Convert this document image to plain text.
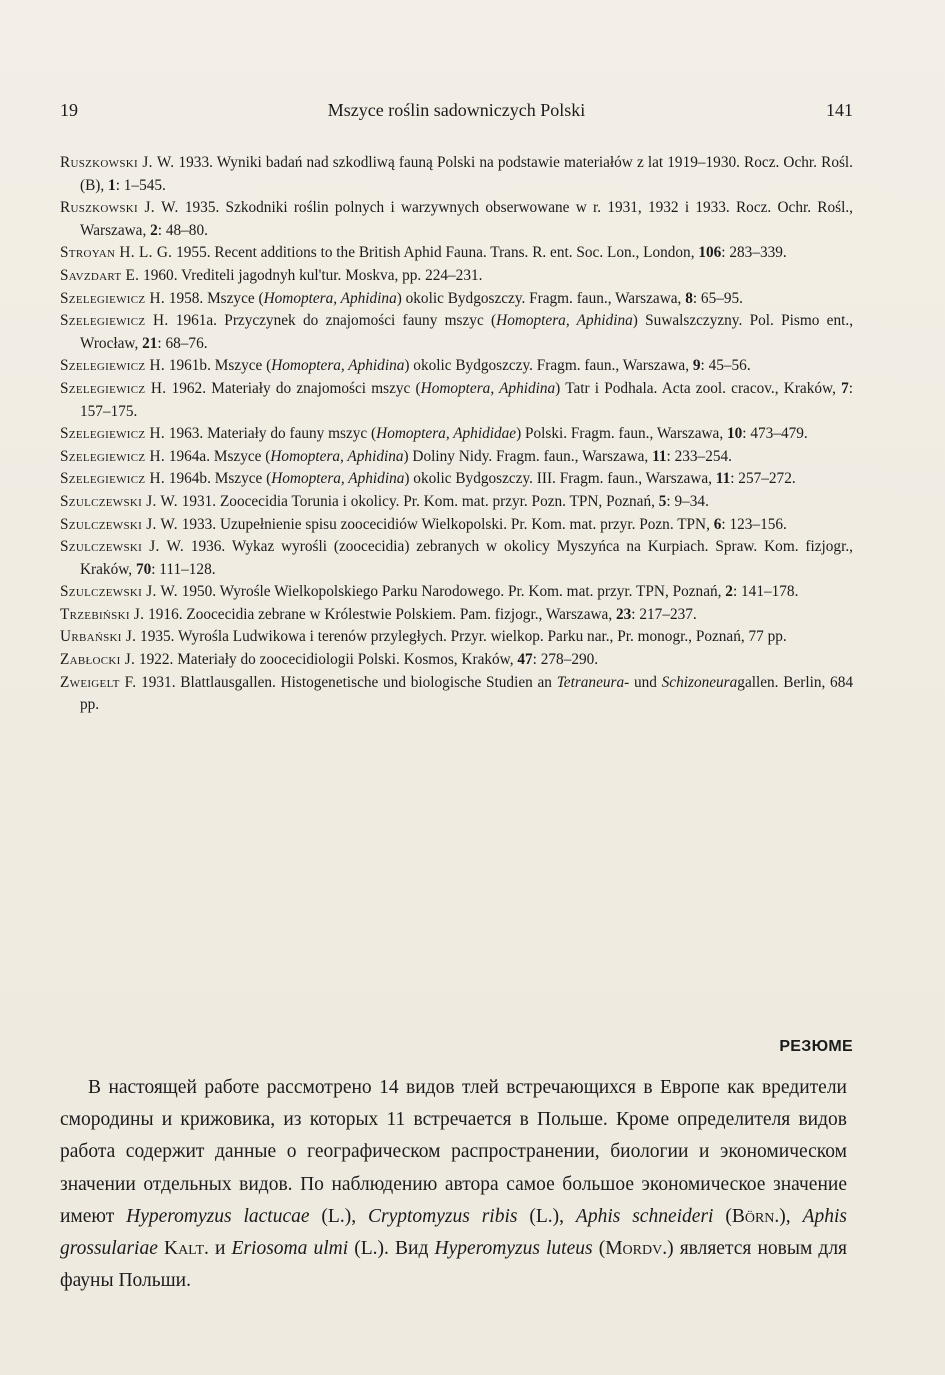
19	Mszyce roślin sadowniczych Polski	141

Ruszkowski J. W. 1933. Wyniki badań nad szkodliwą fauną Polski na podstawie materiałów z lat 1919–1930. Rocz. Ochr. Rośl. (B), 1: 1–545.

Ruszkowski J. W. 1935. Szkodniki roślin polnych i warzywnych obserwowane w r. 1931, 1932 i 1933. Rocz. Ochr. Rośl., Warszawa, 2: 48–80.

Stroyan H. L. G. 1955. Recent additions to the British Aphid Fauna. Trans. R. ent. Soc. Lon., London, 106: 283–339.

Savzdart E. 1960. Vrediteli jagodnyh kul'tur. Moskva, pp. 224–231.

Szelegiewicz H. 1958. Mszyce (Homoptera, Aphidina) okolic Bydgoszczy. Fragm. faun., Warszawa, 8: 65–95.

Szelegiewicz H. 1961a. Przyczynek do znajomości fauny mszyc (Homoptera, Aphidina) Suwalszczyzny. Pol. Pismo ent., Wrocław, 21: 68–76.

Szelegiewicz H. 1961b. Mszyce (Homoptera, Aphidina) okolic Bydgoszczy. Fragm. faun., Warszawa, 9: 45–56.

Szelegiewicz H. 1962. Materiały do znajomości mszyc (Homoptera, Aphidina) Tatr i Podhala. Acta zool. cracov., Kraków, 7: 157–175.

Szelegiewicz H. 1963. Materiały do fauny mszyc (Homoptera, Aphididae) Polski. Fragm. faun., Warszawa, 10: 473–479.

Szelegiewicz H. 1964a. Mszyce (Homoptera, Aphidina) Doliny Nidy. Fragm. faun., Warszawa, 11: 233–254.

Szelegiewicz H. 1964b. Mszyce (Homoptera, Aphidina) okolic Bydgoszczy. III. Fragm. faun., Warszawa, 11: 257–272.

Szulczewski J. W. 1931. Zoocecidia Torunia i okolicy. Pr. Kom. mat. przyr. Pozn. TPN, Poznań, 5: 9–34.

Szulczewski J. W. 1933. Uzupełnienie spisu zoocecidiów Wielkopolski. Pr. Kom. mat. przyr. Pozn. TPN, 6: 123–156.

Szulczewski J. W. 1936. Wykaz wyrośli (zoocecidia) zebranych w okolicy Myszyńca na Kurpiach. Spraw. Kom. fizjogr., Kraków, 70: 111–128.

Szulczewski J. W. 1950. Wyrośle Wielkopolskiego Parku Narodowego. Pr. Kom. mat. przyr. TPN, Poznań, 2: 141–178.

Trzebiński J. 1916. Zoocecidia zebrane w Królestwie Polskiem. Pam. fizjogr., Warszawa, 23: 217–237.

Urbański J. 1935. Wyrośla Ludwikowa i terenów przyległych. Przyr. wielkop. Parku nar., Pr. monogr., Poznań, 77 pp.

Zabłocki J. 1922. Materiały do zoocecidiologii Polski. Kosmos, Kraków, 47: 278–290.

Zweigelt F. 1931. Blattlausgallen. Histogenetische und biologische Studien an Tetraneura- und Schizoneuragallen. Berlin, 684 pp.

РЕЗЮМЕ

В настоящей работе рассмотрено 14 видов тлей встречающихся в Европе как вредители смородины и крижовика, из которых 11 встречается в Польше. Кроме определителя видов работа содержит данные о географическом распространении, биологии и экономическом значении отдельных видов. По наблюдению автора самое большое экономическое значение имеют Hyperomyzus lactucae (L.), Cryptomyzus ribis (L.), Aphis schneideri (Börn.), Aphis grossulariae Kalt. и Eriosoma ulmi (L.). Вид Hyperomyzus luteus (Mordv.) является новым для фауны Польши.
